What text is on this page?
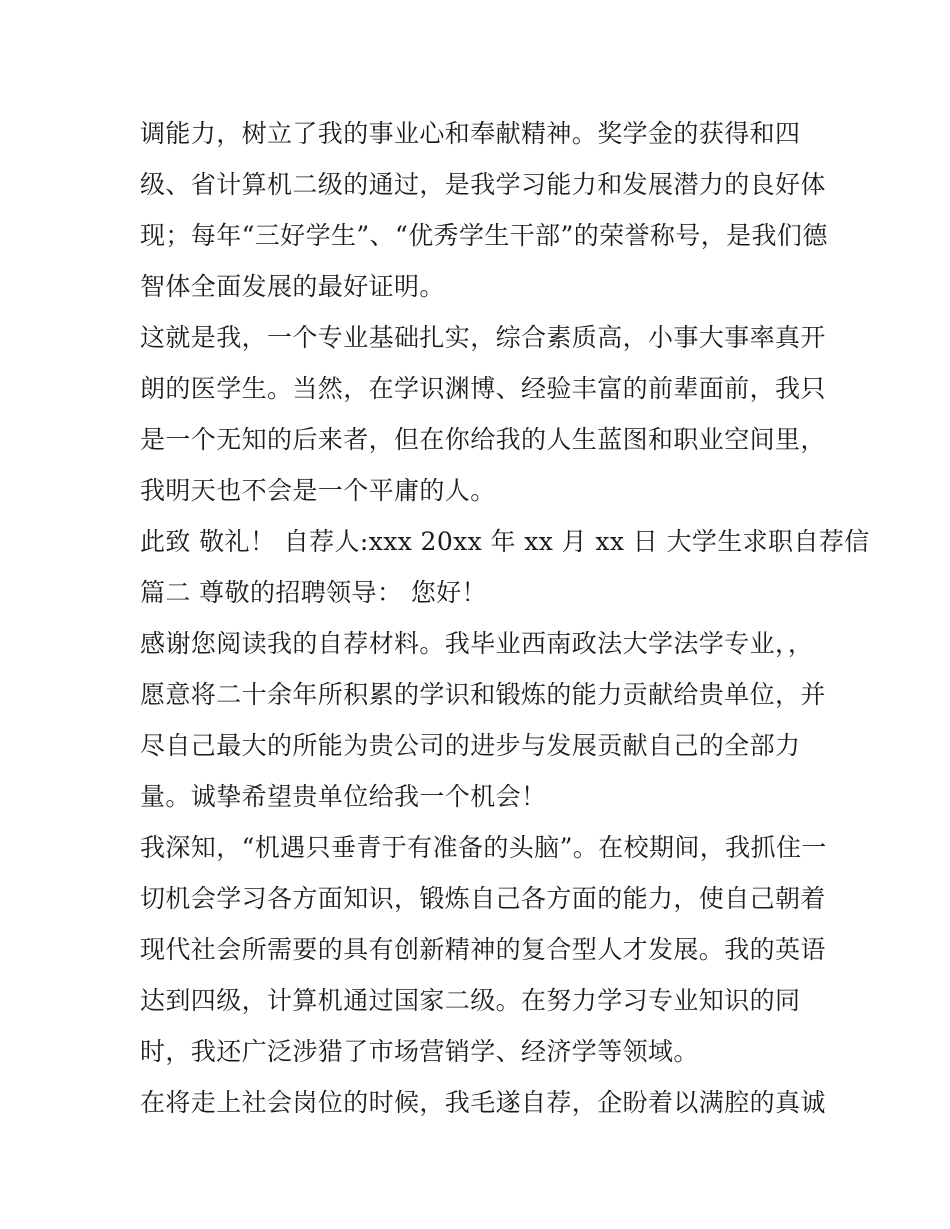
调能力，树立了我的事业心和奉献精神。奖学金的获得和四
级、省计算机二级的通过，是我学习能力和发展潜力的良好体
现；每年“三好学生”、“优秀学生干部”的荣誉称号，是我们德
智体全面发展的最好证明。
这就是我，一个专业基础扎实，综合素质高，小事大事率真开
朗的医学生。当然，在学识渊博、经验丰富的前辈面前，我只
是一个无知的后来者，但在你给我的人生蓝图和职业空间里，
我明天也不会是一个平庸的人。
此致 敬礼！ 自荐人:xxx 20xx 年 xx 月 xx 日 大学生求职自荐信
篇二 尊敬的招聘领导： 您好！
感谢您阅读我的自荐材料。我毕业西南政法大学法学专业，，
愿意将二十余年所积累的学识和锻炼的能力贡献给贵单位，并
尽自己最大的所能为贵公司的进步与发展贡献自己的全部力
量。诚挚希望贵单位给我一个机会！
我深知，“机遇只垂青于有准备的头脑”。在校期间，我抓住一
切机会学习各方面知识，锻炼自己各方面的能力，使自己朝着
现代社会所需要的具有创新精神的复合型人才发展。我的英语
达到四级，计算机通过国家二级。在努力学习专业知识的同
时，我还广泛涉猎了市场营销学、经济学等领域。
在将走上社会岗位的时候，我毛遂自荐，企盼着以满腔的真诚
